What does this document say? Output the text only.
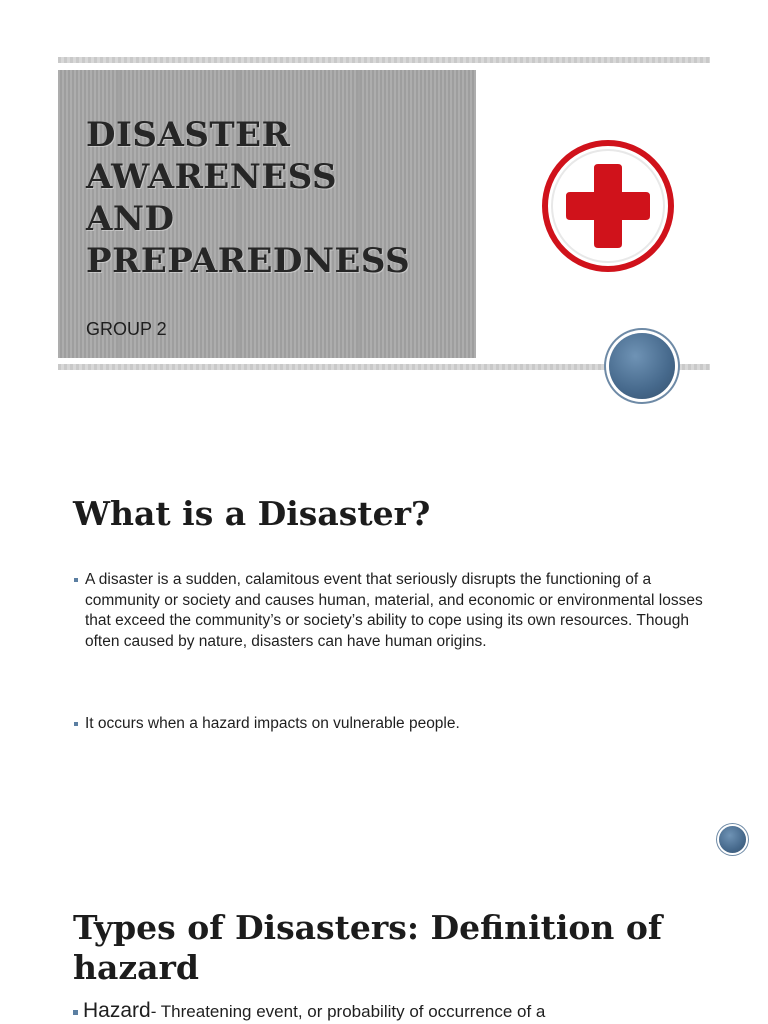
DISASTER
AWARENESS
AND
PREPAREDNESS
GROUP 2
What is a Disaster?
A disaster is a sudden, calamitous event that seriously disrupts the functioning of a community or society and causes human, material, and economic or environmental losses that exceed the community’s or society’s ability to cope using its own resources. Though often caused by nature, disasters can have human origins.
It occurs when a hazard impacts on vulnerable people.
Types of Disasters: Definition of hazard
Hazard- Threatening event, or probability of occurrence of a
